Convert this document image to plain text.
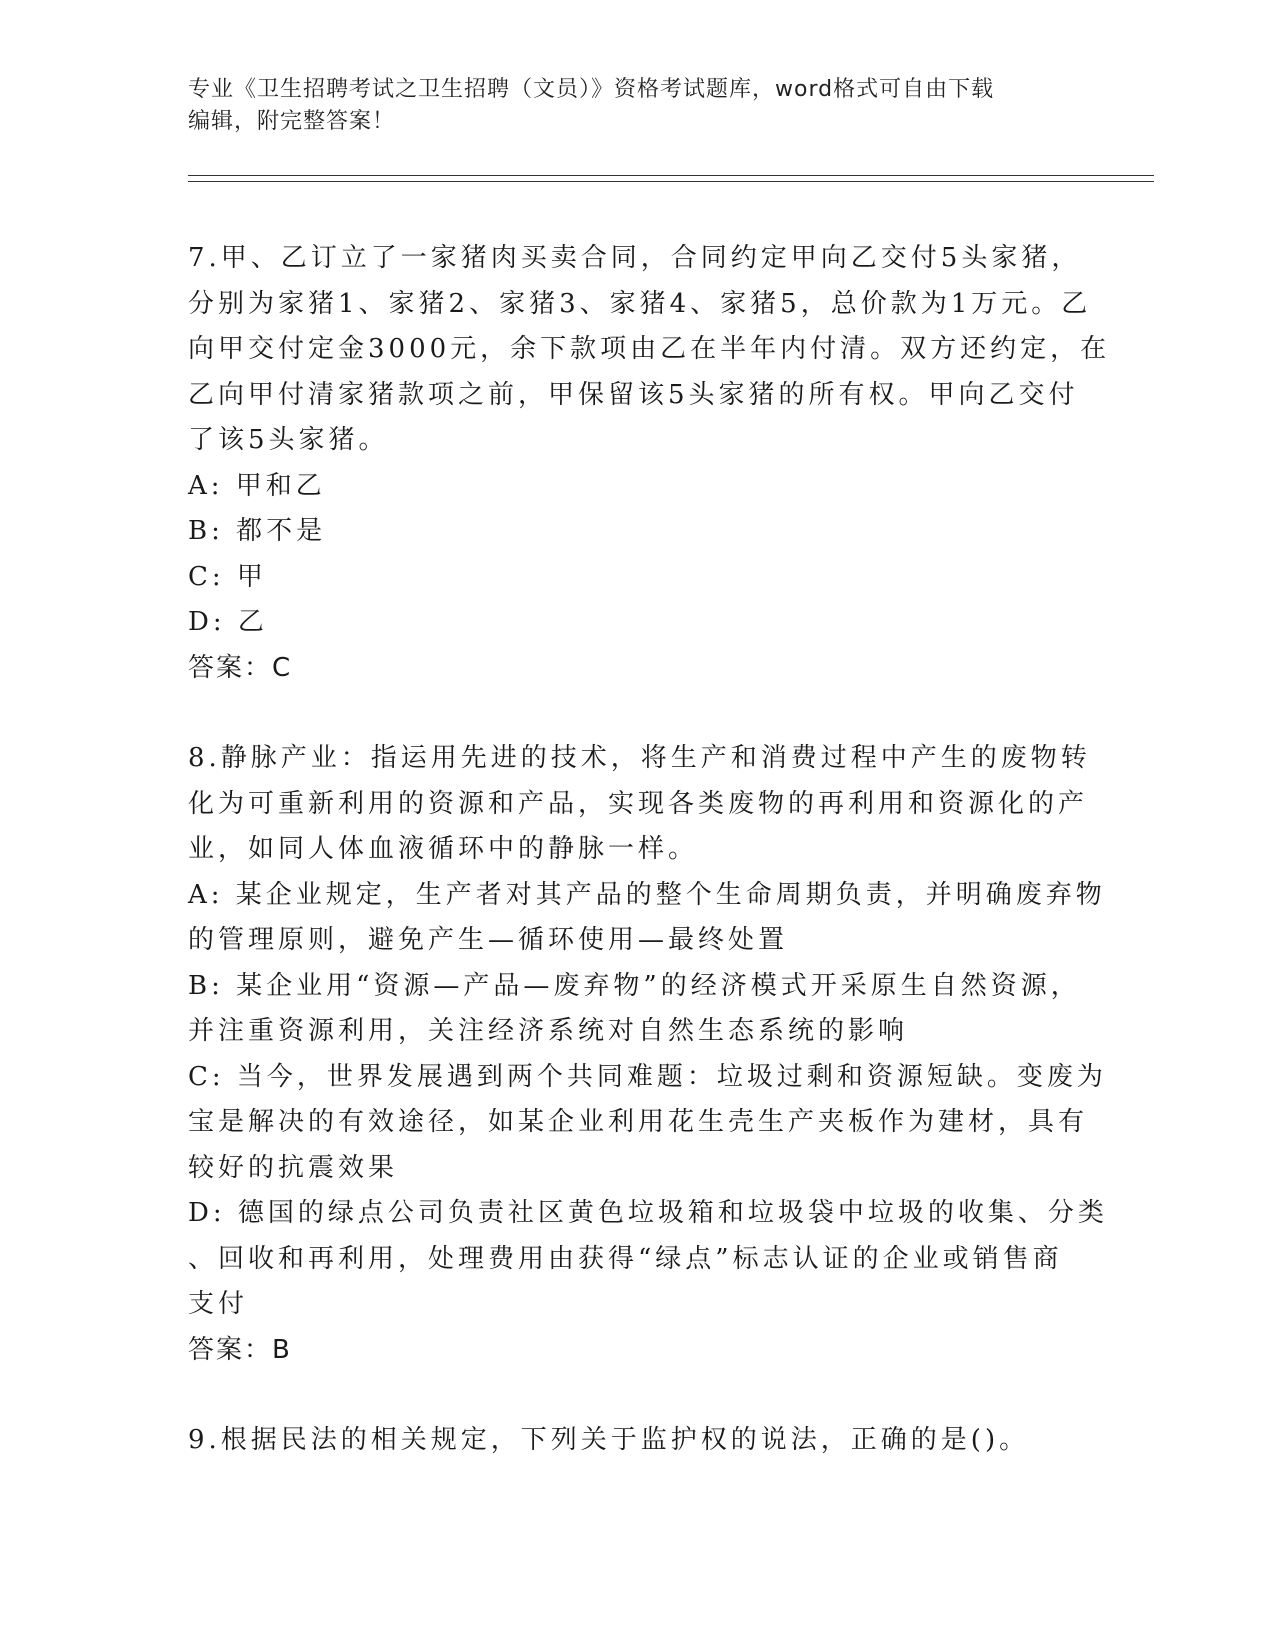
专业《卫生招聘考试之卫生招聘（文员）》资格考试题库，word格式可自由下载
编辑，附完整答案！
7.甲、乙订立了一家猪肉买卖合同，合同约定甲向乙交付5头家猪，
分别为家猪1、家猪2、家猪3、家猪4、家猪5，总价款为1万元。乙
向甲交付定金3000元，余下款项由乙在半年内付清。双方还约定，在
乙向甲付清家猪款项之前，甲保留该5头家猪的所有权。甲向乙交付
了该5头家猪。
A: 甲和乙
B: 都不是
C: 甲
D: 乙
答案：C
8.静脉产业：指运用先进的技术，将生产和消费过程中产生的废物转
化为可重新利用的资源和产品，实现各类废物的再利用和资源化的产
业，如同人体血液循环中的静脉一样。
A: 某企业规定，生产者对其产品的整个生命周期负责，并明确废弃物
的管理原则，避免产生—循环使用—最终处置
B: 某企业用“资源—产品—废弃物”的经济模式开采原生自然资源，
并注重资源利用，关注经济系统对自然生态系统的影响
C: 当今，世界发展遇到两个共同难题：垃圾过剩和资源短缺。变废为
宝是解决的有效途径，如某企业利用花生壳生产夹板作为建材，具有
较好的抗震效果
D: 德国的绿点公司负责社区黄色垃圾箱和垃圾袋中垃圾的收集、分类
、回收和再利用，处理费用由获得“绿点”标志认证的企业或销售商
支付
答案：B
9.根据民法的相关规定，下列关于监护权的说法，正确的是()。
